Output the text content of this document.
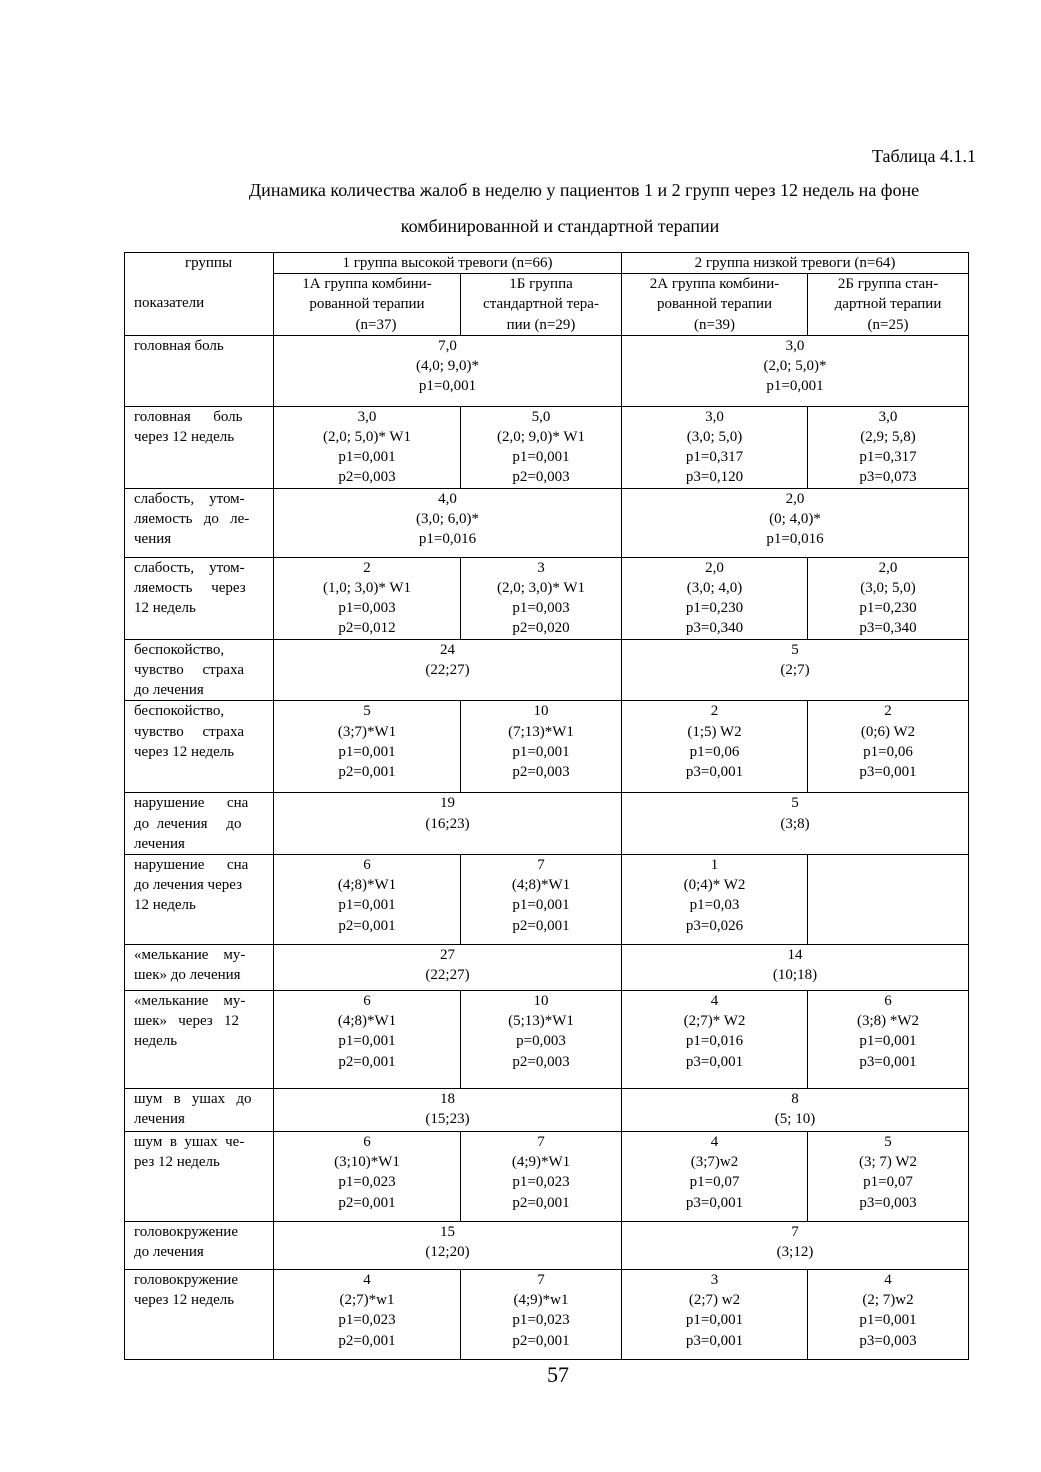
Таблица 4.1.1
Динамика количества жалоб в неделю у пациентов 1 и 2 групп через 12 недель на фоне
комбинированной и стандартной терапии
группы
показатели	1 группа высокой тревоги (n=66)		2 группа низкой тревоги (n=64)	

	1А группа комбини-
рованной терапии
(n=37)	1Б группа
стандартной тера-
пии (n=29)	2А группа комбини-
рованной терапии
(n=39)	2Б группа стан-
дартной терапии
(n=25)

головная боль	7,0
(4,0; 9,0)*
p1=0,001		3,0
(2,0; 5,0)*
p1=0,001	

головная      боль
через 12 недель	3,0
(2,0; 5,0)* W1
p1=0,001
p2=0,003	5,0
(2,0; 9,0)* W1
p1=0,001
p2=0,003	3,0
(3,0; 5,0)
p1=0,317
p3=0,120	3,0
(2,9; 5,8)
p1=0,317
p3=0,073

слабость,    утом-
ляемость   до   ле-
чения	4,0
(3,0; 6,0)*
p1=0,016		2,0
(0; 4,0)*
p1=0,016	

слабость,    утом-
ляемость     через
12 недель	2
(1,0; 3,0)* W1
p1=0,003
p2=0,012	3
(2,0; 3,0)* W1
p1=0,003
p2=0,020	2,0
(3,0; 4,0)
p1=0,230
p3=0,340	2,0
(3,0; 5,0)
p1=0,230
p3=0,340

беспокойство,
чувство     страха
до лечения	24
(22;27)		5
(2;7)	

беспокойство,
чувство     страха
через 12 недель	5
(3;7)*W1
p1=0,001
p2=0,001	10
(7;13)*W1
p1=0,001
p2=0,003	2
(1;5) W2
p1=0,06
p3=0,001	2
(0;6) W2
p1=0,06
p3=0,001

нарушение      сна
до  лечения     до
лечения	19
(16;23)		5
(3;8)	

нарушение      сна
до лечения через
12 недель	6
(4;8)*W1
p1=0,001
p2=0,001	7
(4;8)*W1
p1=0,001
p2=0,001	1
(0;4)* W2
p1=0,03
p3=0,026	

«мелькание    му-
шек» до лечения	27
(22;27)		14
(10;18)	

«мелькание    му-
шек»   через   12
недель	6
(4;8)*W1
p1=0,001
p2=0,001	10
(5;13)*W1
p=0,003
p2=0,003	4
(2;7)* W2
p1=0,016
p3=0,001	6
(3;8) *W2
p1=0,001
p3=0,001

шум   в   ушах   до
лечения	18
(15;23)		8
(5; 10)	

шум  в  ушах  че-
рез 12 недель	6
(3;10)*W1
p1=0,023
p2=0,001	7
(4;9)*W1
p1=0,023
p2=0,001	4
(3;7)w2
p1=0,07
p3=0,001	5
(3; 7) W2
p1=0,07
p3=0,003

головокружение
до лечения	15
(12;20)		7
(3;12)	

головокружение
через 12 недель	4
(2;7)*w1
p1=0,023
p2=0,001	7
(4;9)*w1
p1=0,023
p2=0,001	3
(2;7) w2
p1=0,001
p3=0,001	4
(2; 7)w2
p1=0,001
p3=0,003
57
